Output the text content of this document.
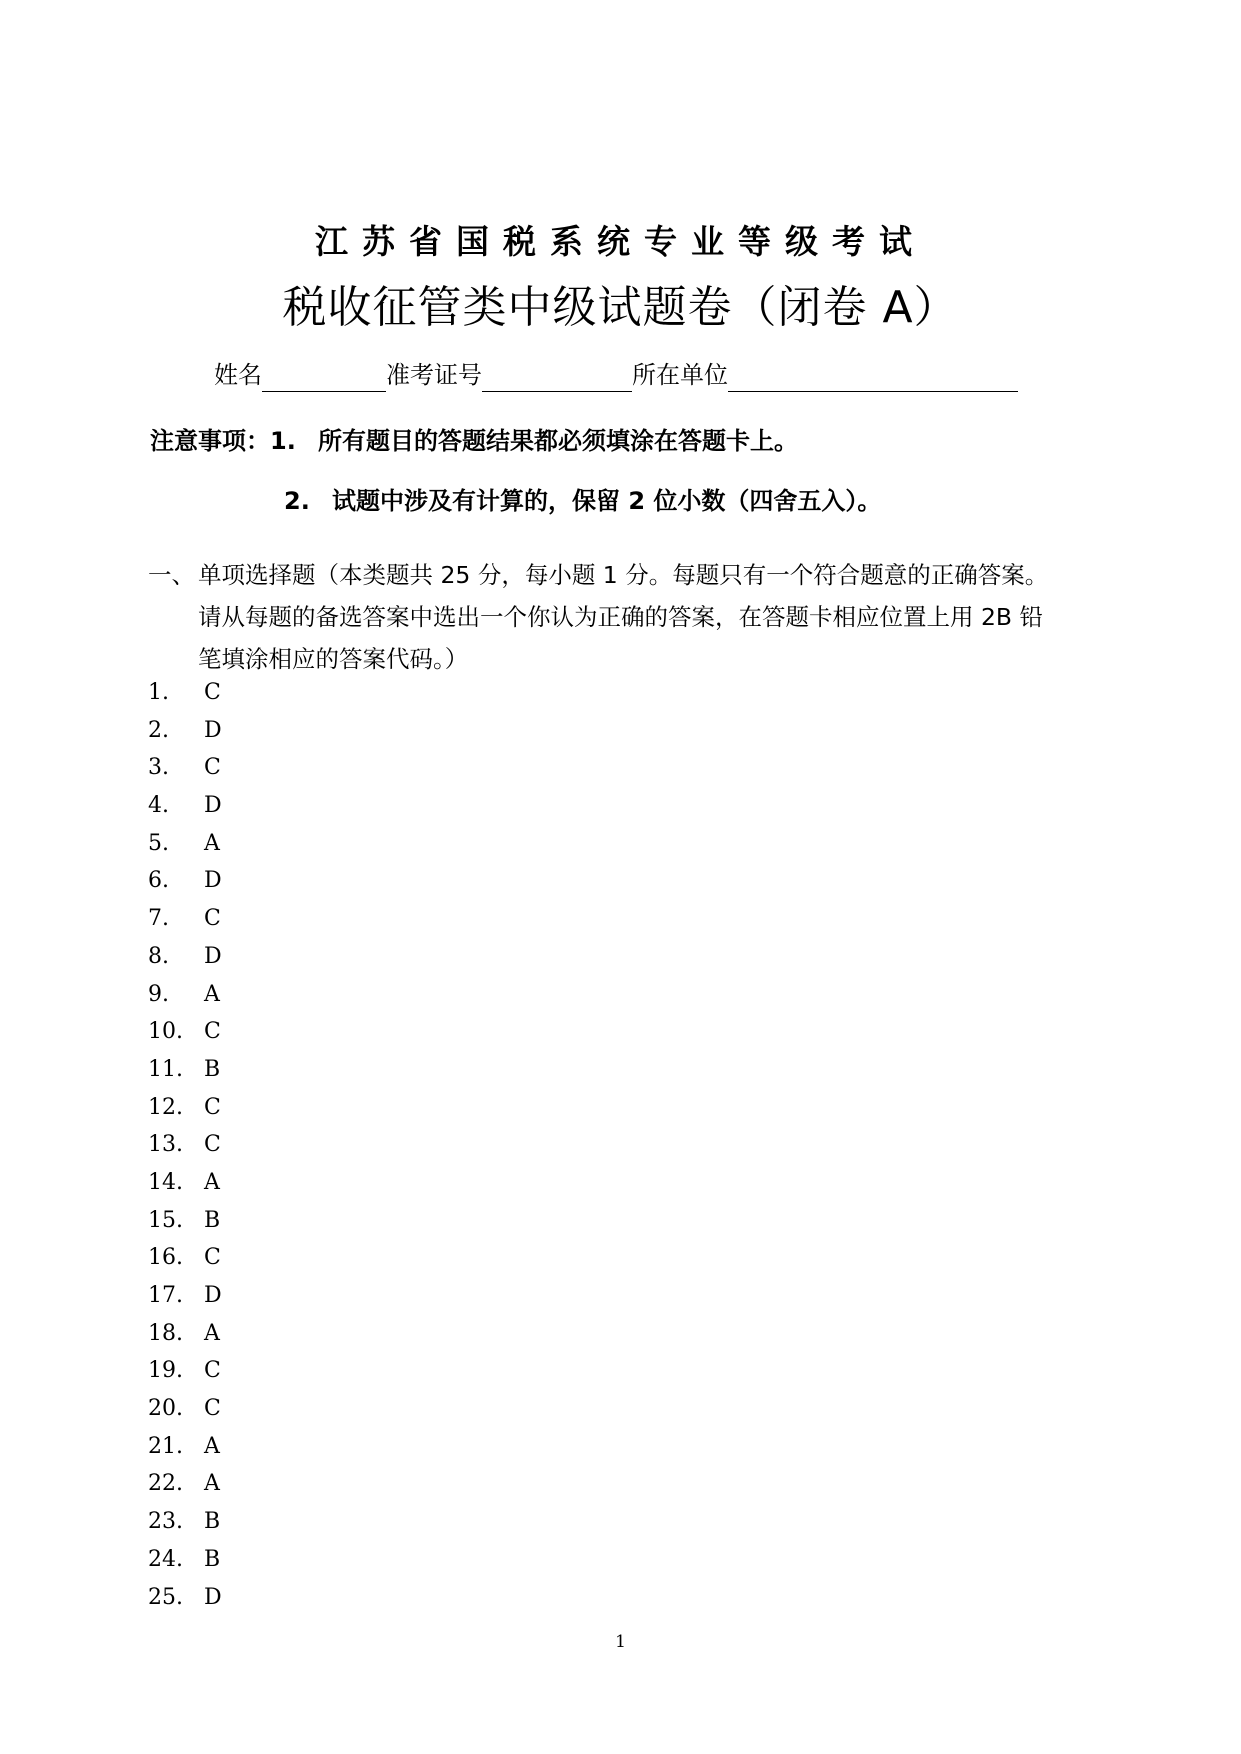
江苏省国税系统专业等级考试
税收征管类中级试题卷（闭卷 A）
姓名	准考证号	所在单位
注意事项：1. 所有题目的答题结果都必须填涂在答题卡上。
2. 试题中涉及有计算的，保留 2 位小数（四舍五入）。
一、 单项选择题（本类题共 25 分，每小题 1 分。每题只有一个符合题意的正确答案。
请从每题的备选答案中选出一个你认为正确的答案，在答题卡相应位置上用 2B 铅
笔填涂相应的答案代码。）
1. C
2. D
3. C
4. D
5. A
6. D
7. C
8. D
9. A
10. C
11. B
12. C
13. C
14. A
15. B
16. C
17. D
18. A
19. C
20. C
21. A
22. A
23. B
24. B
25. D
1
